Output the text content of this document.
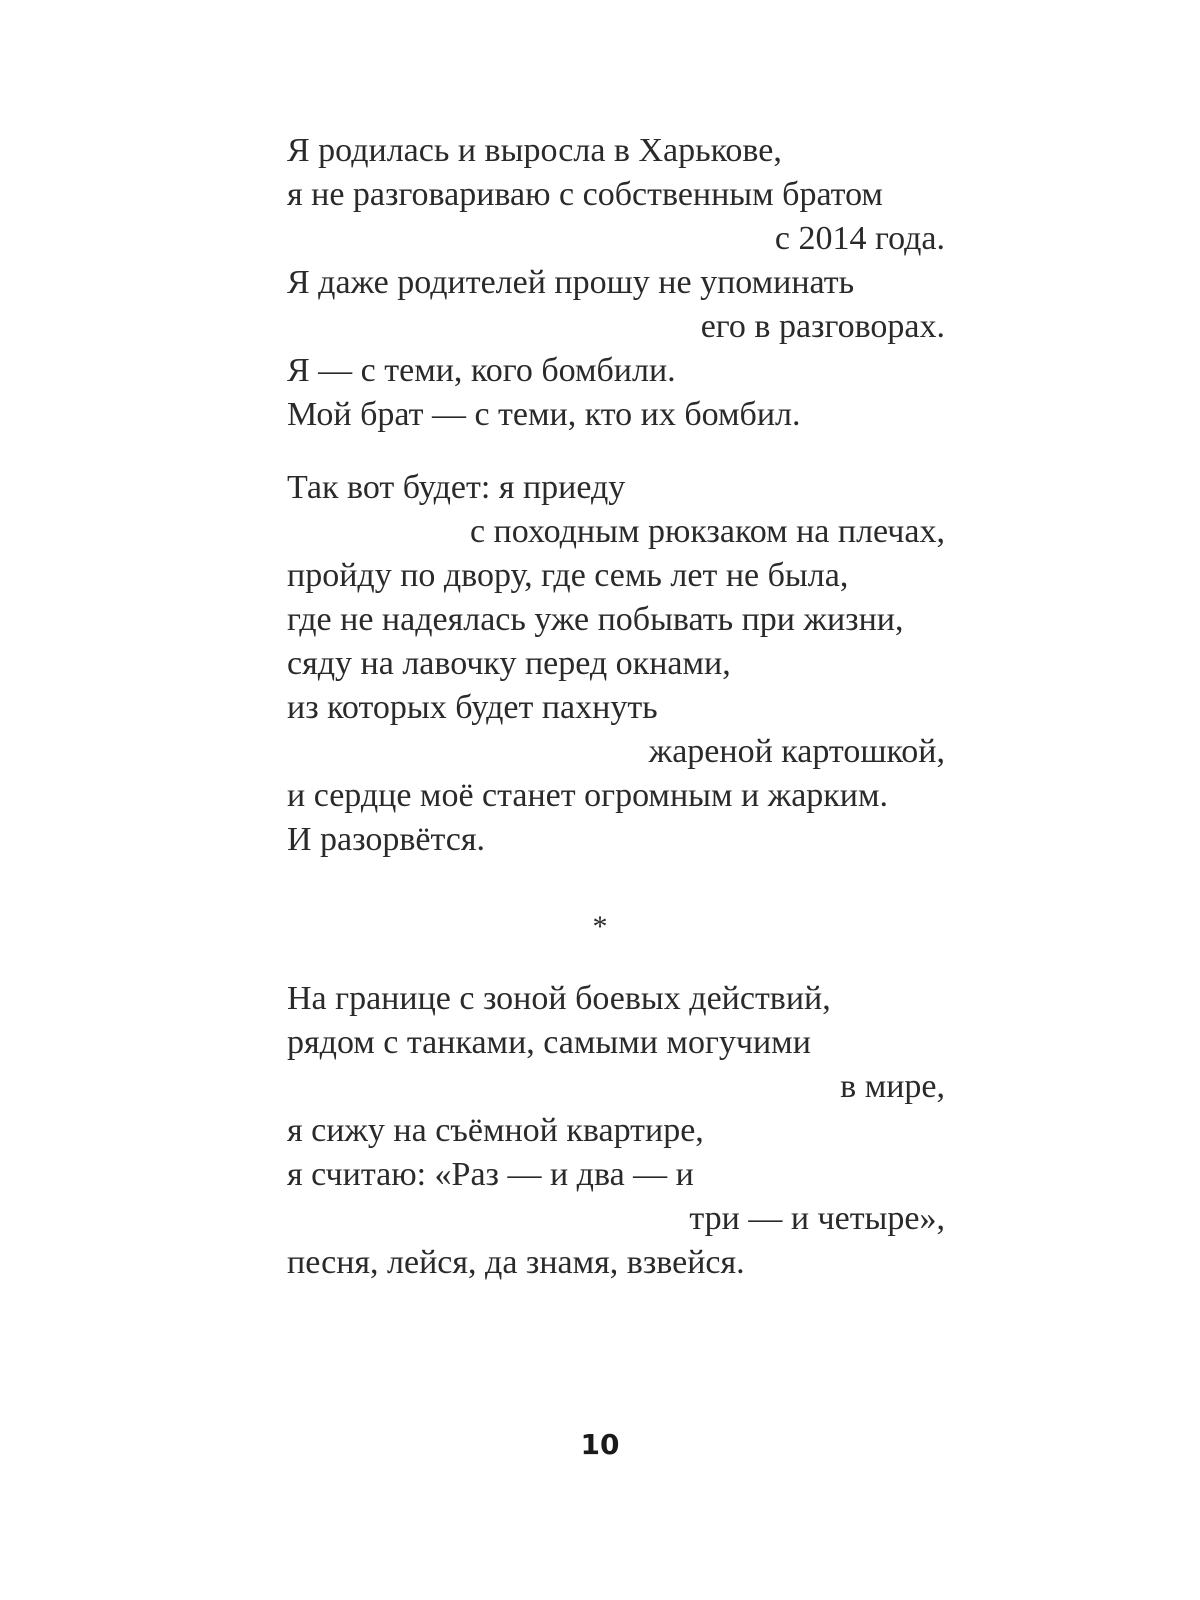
Я родилась и выросла в Харькове,
я не разговариваю с собственным братом
с 2014 года.
Я даже родителей прошу не упоминать
его в разговорах.
Я — с теми, кого бомбили.
Мой брат — с теми, кто их бомбил.
Так вот будет: я приеду
с походным рюкзаком на плечах,
пройду по двору, где семь лет не была,
где не надеялась уже побывать при жизни,
сяду на лавочку перед окнами,
из которых будет пахнуть
жареной картошкой,
и сердце моё станет огромным и жарким.
И разорвётся.
*
На границе с зоной боевых действий,
рядом с танками, самыми могучими
в мире,
я сижу на съёмной квартире,
я считаю: «Раз — и два — и
три — и четыре»,
песня, лейся, да знамя, взвейся.
10
